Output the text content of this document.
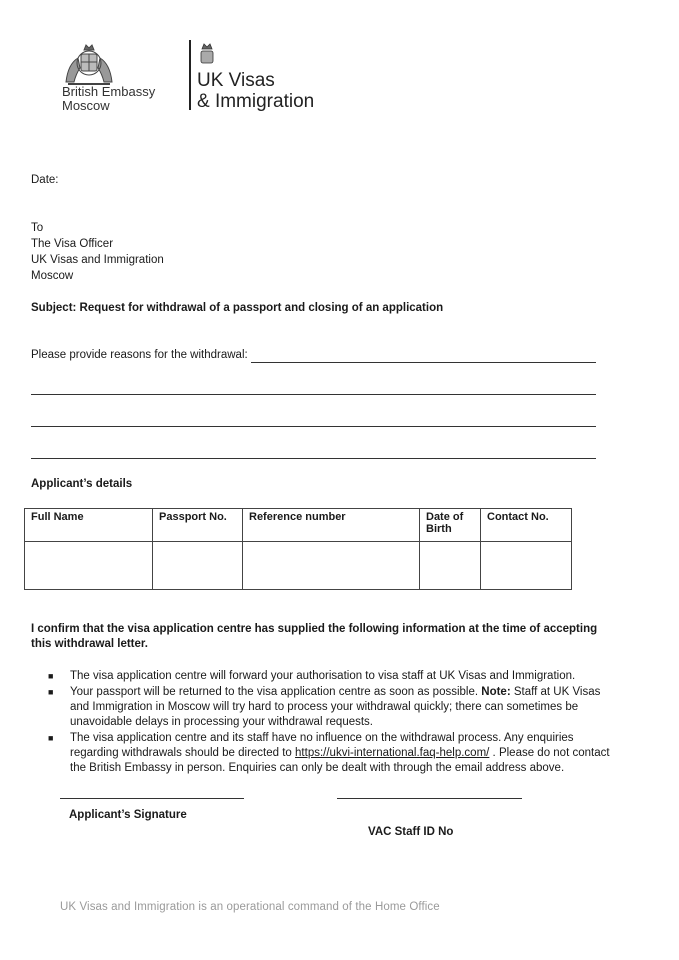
British Embassy
Moscow
UK Visas
& Immigration
Date:
To
The Visa Officer
UK Visas and Immigration
Moscow
Subject: Request for withdrawal of a passport and closing of an application
Please provide reasons for the withdrawal:
Applicant’s details
Full Name	Passport No.	Reference number	Date of Birth	Contact No.

I confirm that the visa application centre has supplied the following information at the time of accepting this withdrawal letter.
■ The visa application centre will forward your authorisation to visa staff at UK Visas and Immigration.
■ Your passport will be returned to the visa application centre as soon as possible. Note: Staff at UK Visas and Immigration in Moscow will try hard to process your withdrawal quickly; there can sometimes be unavoidable delays in processing your withdrawal requests.
■ The visa application centre and its staff have no influence on the withdrawal process. Any enquiries regarding withdrawals should be directed to https://ukvi-international.faq-help.com/ . Please do not contact the British Embassy in person. Enquiries can only be dealt with through the email address above.
Applicant’s Signature
VAC Staff ID No
UK Visas and Immigration is an operational command of the Home Office
